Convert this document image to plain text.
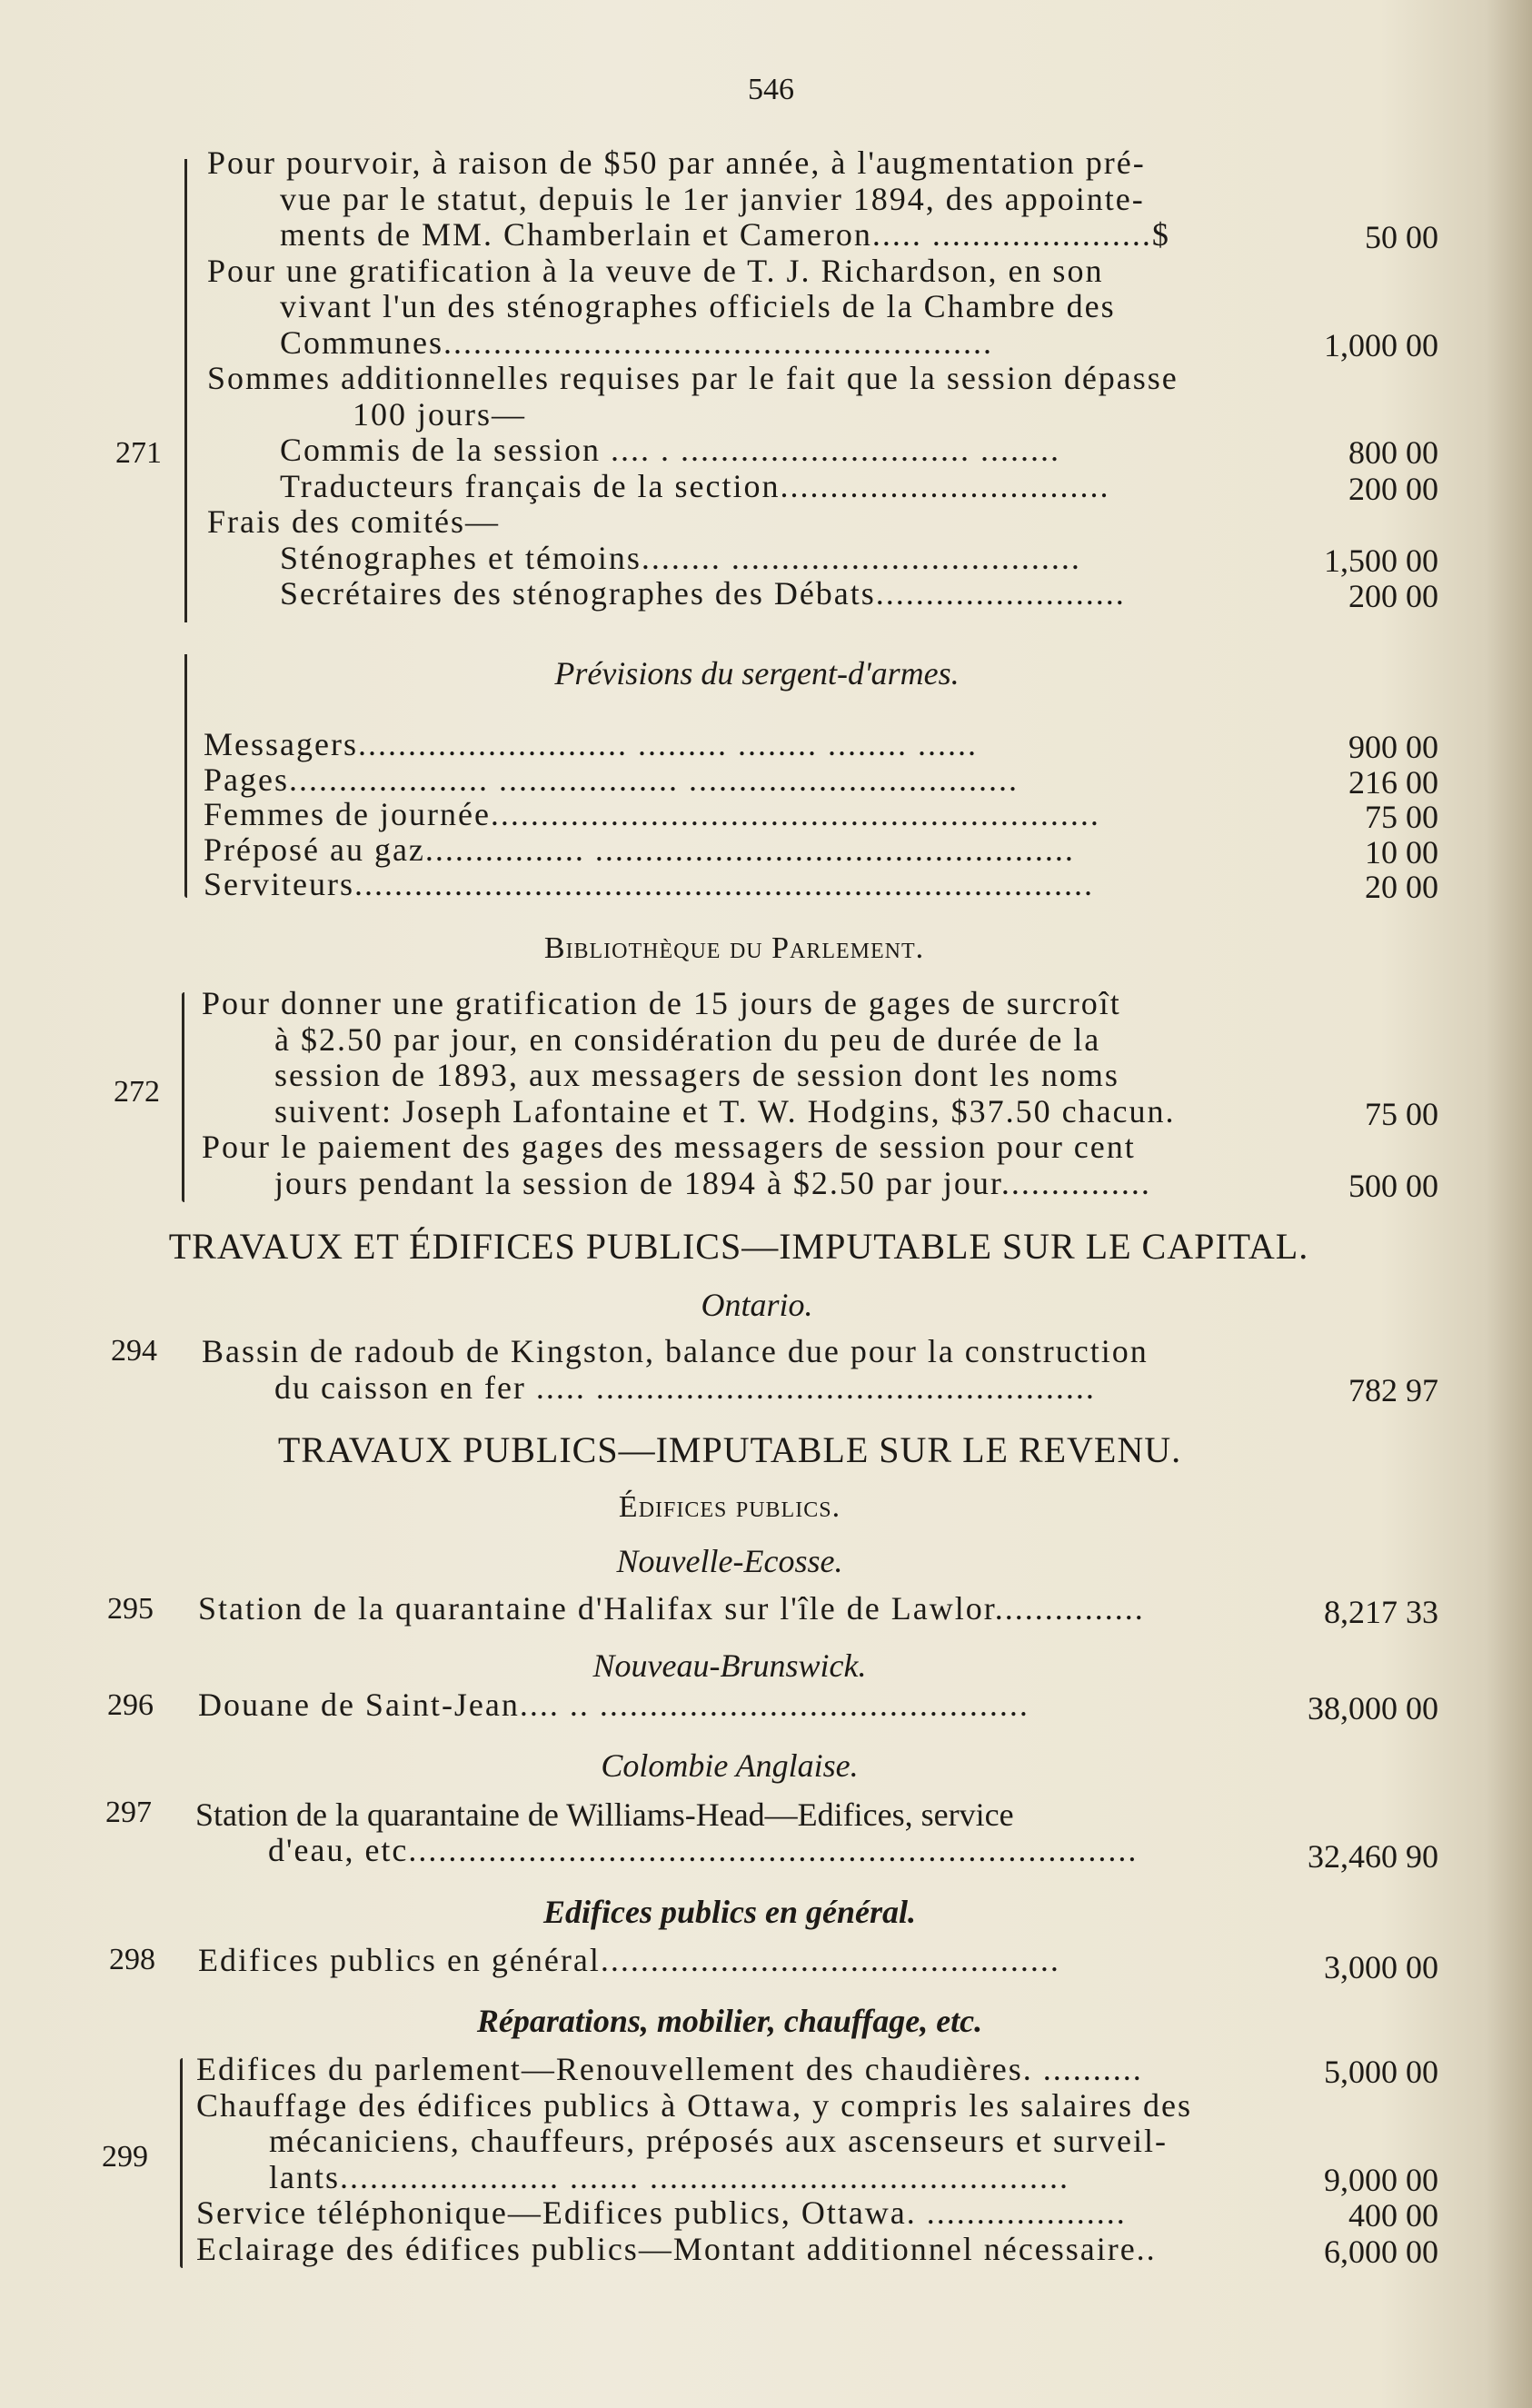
546
271
Pour pourvoir, à raison de $50 par année, à l'augmentation pré-
vue par le statut, depuis le 1er janvier 1894, des appointe-
ments de MM. Chamberlain et Cameron..... ......................$	50 00
Pour une gratification à la veuve de T. J. Richardson, en son
vivant l'un des sténographes officiels de la Chambre des
Communes.......................................................	1,000 00
Sommes additionnelles requises par le fait que la session dépasse
100 jours—
Commis de la session .... . ............................. ........	800 00
Traducteurs français de la section.................................	200 00
Frais des comités—
Sténographes et témoins........ ...................................	1,500 00
Secrétaires des sténographes des Débats.........................	200 00
Prévisions du sergent-d'armes.
Messagers........................... ......... ........ ........ ......	900 00
Pages.................... .................. .................................	216 00
Femmes de journée.............................................................	75 00
Préposé au gaz................ ................................................	10 00
Serviteurs..........................................................................	20 00
Bibliothèque du Parlement.
272
Pour donner une gratification de 15 jours de gages de surcroît
à $2.50 par jour, en considération du peu de durée de la
session de 1893, aux messagers de session dont les noms
suivent: Joseph Lafontaine et T. W. Hodgins, $37.50 chacun.	75 00
Pour le paiement des gages des messagers de session pour cent
jours pendant la session de 1894 à $2.50 par jour...............	500 00
TRAVAUX ET ÉDIFICES PUBLICS—IMPUTABLE SUR LE CAPITAL.
Ontario.
294 Bassin de radoub de Kingston, balance due pour la construction
du caisson en fer ..... ..................................................	782 97
TRAVAUX PUBLICS—IMPUTABLE SUR LE REVENU.
Édifices publics.
Nouvelle-Ecosse.
295 Station de la quarantaine d'Halifax sur l'île de Lawlor...............	8,217 33
Nouveau-Brunswick.
296 Douane de Saint-Jean.... .. ...........................................	38,000 00
Colombie Anglaise.
297 Station de la quarantaine de Williams-Head—Edifices, service
d'eau, etc.........................................................................	32,460 90
Edifices publics en général.
298 Edifices publics en général..............................................	3,000 00
Réparations, mobilier, chauffage, etc.
299
Edifices du parlement—Renouvellement des chaudières. ..........	5,000 00
Chauffage des édifices publics à Ottawa, y compris les salaires des
mécaniciens, chauffeurs, préposés aux ascenseurs et surveil-
lants...................... ....... ..........................................	9,000 00
Service téléphonique—Edifices publics, Ottawa. ....................	400 00
Eclairage des édifices publics—Montant additionnel nécessaire..	6,000 00
